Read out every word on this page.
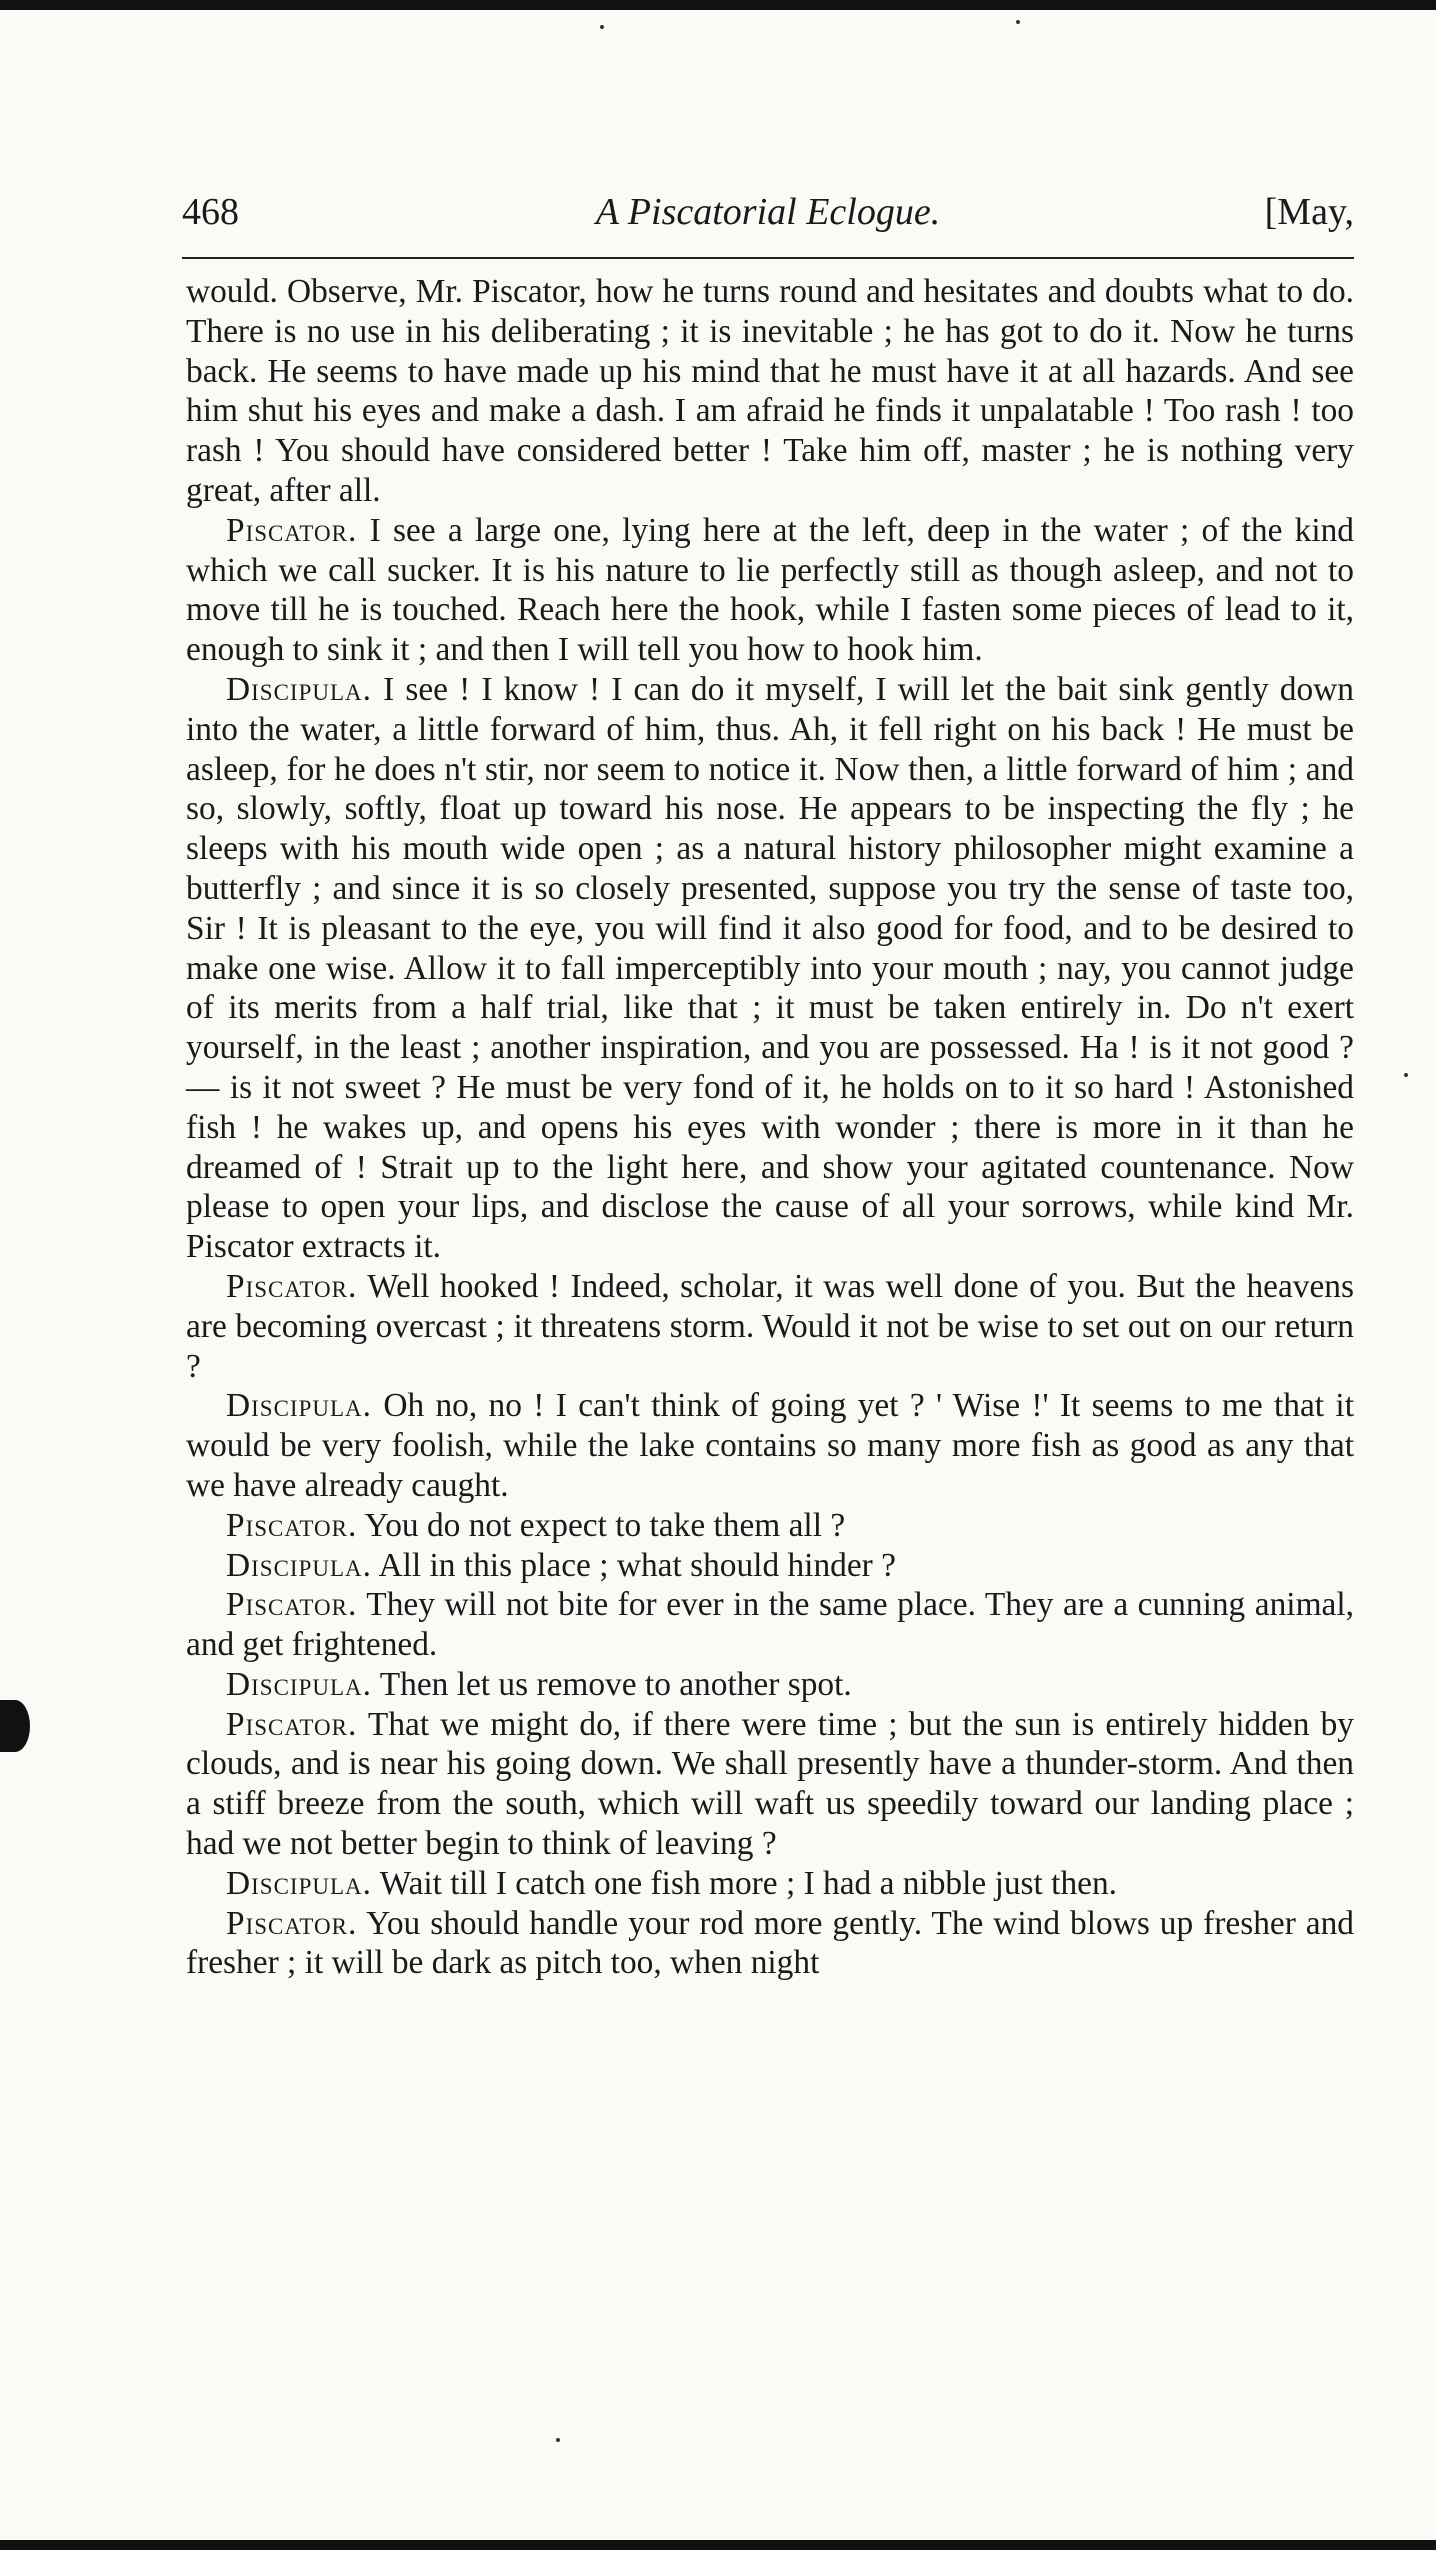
468	A Piscatorial Eclogue.	[May,

would. Observe, Mr. Piscator, how he turns round and hesitates and doubts what to do. There is no use in his deliberating ; it is inevitable ; he has got to do it. Now he turns back. He seems to have made up his mind that he must have it at all hazards. And see him shut his eyes and make a dash. I am afraid he finds it unpalatable ! Too rash ! too rash ! You should have considered better ! Take him off, master ; he is nothing very great, after all.

Piscator. I see a large one, lying here at the left, deep in the water ; of the kind which we call sucker. It is his nature to lie perfectly still as though asleep, and not to move till he is touched. Reach here the hook, while I fasten some pieces of lead to it, enough to sink it ; and then I will tell you how to hook him.

Discipula. I see ! I know ! I can do it myself, I will let the bait sink gently down into the water, a little forward of him, thus. Ah, it fell right on his back ! He must be asleep, for he does n't stir, nor seem to notice it. Now then, a little forward of him ; and so, slowly, softly, float up toward his nose. He appears to be inspecting the fly ; he sleeps with his mouth wide open ; as a natural history philosopher might examine a butterfly ; and since it is so closely presented, suppose you try the sense of taste too, Sir ! It is pleasant to the eye, you will find it also good for food, and to be desired to make one wise. Allow it to fall imperceptibly into your mouth ; nay, you cannot judge of its merits from a half trial, like that ; it must be taken entirely in. Do n't exert yourself, in the least ; another inspiration, and you are possessed. Ha ! is it not good ? — is it not sweet ? He must be very fond of it, he holds on to it so hard ! Astonished fish ! he wakes up, and opens his eyes with wonder ; there is more in it than he dreamed of ! Strait up to the light here, and show your agitated countenance. Now please to open your lips, and disclose the cause of all your sorrows, while kind Mr. Piscator extracts it.

Piscator. Well hooked ! Indeed, scholar, it was well done of you. But the heavens are becoming overcast ; it threatens storm. Would it not be wise to set out on our return ?

Discipula. Oh no, no ! I can't think of going yet ? ' Wise !' It seems to me that it would be very foolish, while the lake contains so many more fish as good as any that we have already caught.

Piscator. You do not expect to take them all ?

Discipula. All in this place ; what should hinder ?

Piscator. They will not bite for ever in the same place. They are a cunning animal, and get frightened.

Discipula. Then let us remove to another spot.

Piscator. That we might do, if there were time ; but the sun is entirely hidden by clouds, and is near his going down. We shall presently have a thunder-storm. And then a stiff breeze from the south, which will waft us speedily toward our landing place ; had we not better begin to think of leaving ?

Discipula. Wait till I catch one fish more ; I had a nibble just then.

Piscator. You should handle your rod more gently. The wind blows up fresher and fresher ; it will be dark as pitch too, when night
